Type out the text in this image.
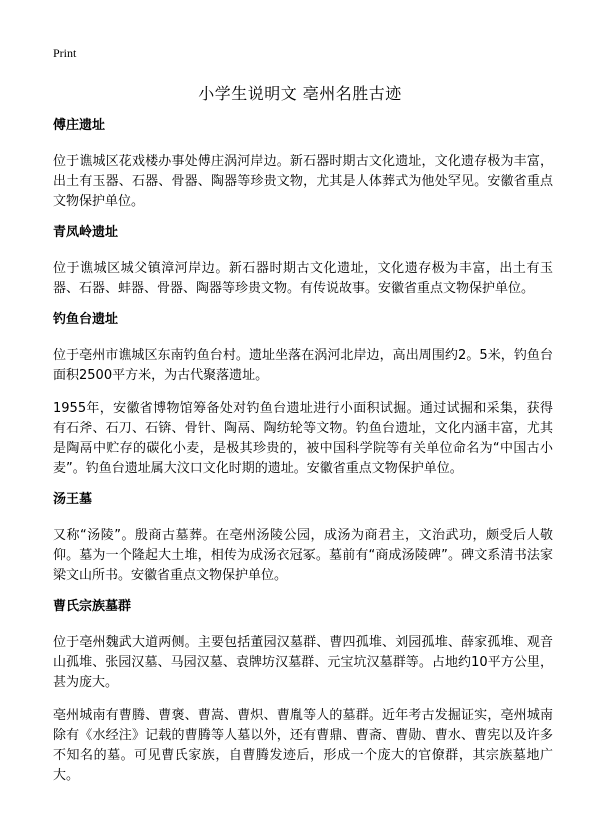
Print
小学生说明文 亳州名胜古迹
傅庄遗址

位于谯城区花戏楼办事处傅庄涡河岸边。新石器时期古文化遗址，文化遗存极为丰富，出土有玉器、石器、骨器、陶器等珍贵文物，尤其是人体葬式为他处罕见。安徽省重点文物保护单位。

青凤岭遗址

位于谯城区城父镇漳河岸边。新石器时期古文化遗址，文化遗存极为丰富，出土有玉器、石器、蚌器、骨器、陶器等珍贵文物。有传说故事。安徽省重点文物保护单位。

钓鱼台遗址

位于亳州市谯城区东南钓鱼台村。遗址坐落在涡河北岸边，高出周围约2。5米，钓鱼台面积2500平方米，为古代聚落遗址。

1955年，安徽省博物馆筹备处对钓鱼台遗址进行小面积试掘。通过试掘和采集，获得有石斧、石刀、石锛、骨针、陶鬲、陶纺轮等文物。钓鱼台遗址，文化内涵丰富，尤其是陶鬲中贮存的碳化小麦，是极其珍贵的，被中国科学院等有关单位命名为“中国古小麦”。钓鱼台遗址属大汶口文化时期的遗址。安徽省重点文物保护单位。

汤王墓

又称“汤陵”。殷商古墓葬。在亳州汤陵公园，成汤为商君主，文治武功，颇受后人敬仰。墓为一个隆起大土堆，相传为成汤衣冠冢。墓前有“商成汤陵碑”。碑文系清书法家梁文山所书。安徽省重点文物保护单位。

曹氏宗族墓群

位于亳州魏武大道两侧。主要包括董园汉墓群、曹四孤堆、刘园孤堆、薛家孤堆、观音山孤堆、张园汉墓、马园汉墓、袁牌坊汉墓群、元宝坑汉墓群等。占地约10平方公里，甚为庞大。

亳州城南有曹腾、曹褒、曹嵩、曹炽、曹胤等人的墓群。近年考古发掘证实，亳州城南除有《水经注》记载的曹腾等人墓以外，还有曹鼎、曹斋、曹勋、曹水、曹宪以及许多不知名的墓。可见曹氏家族，自曹腾发迹后，形成一个庞大的官僚群，其宗族墓地广大。
